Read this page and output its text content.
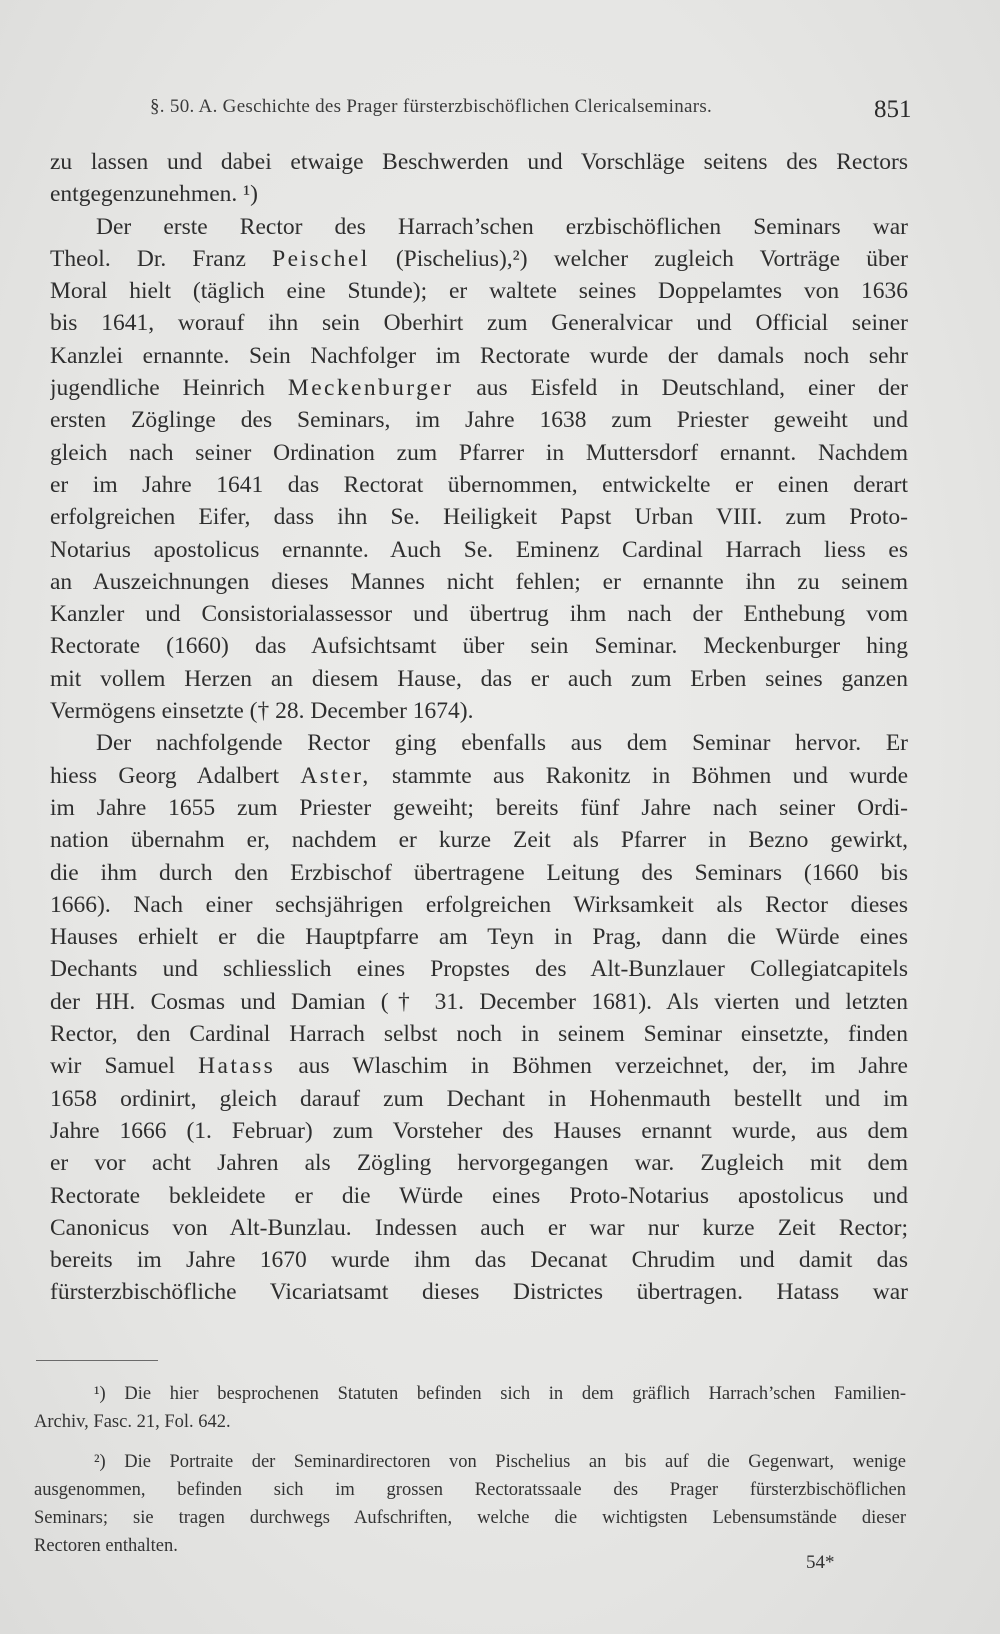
§. 50. A. Geschichte des Prager fürsterzbischöflichen Clericalseminars.	851
zu lassen und dabei etwaige Beschwerden und Vorschläge seitens des Rectors
entgegenzunehmen. ¹)
Der erste Rector des Harrach’schen erzbischöflichen Seminars war
Theol. Dr. Franz Peischel (Pischelius),²) welcher zugleich Vorträge über
Moral hielt (täglich eine Stunde); er waltete seines Doppelamtes von 1636
bis 1641, worauf ihn sein Oberhirt zum Generalvicar und Official seiner
Kanzlei ernannte. Sein Nachfolger im Rectorate wurde der damals noch sehr
jugendliche Heinrich Meckenburger aus Eisfeld in Deutschland, einer der
ersten Zöglinge des Seminars, im Jahre 1638 zum Priester geweiht und
gleich nach seiner Ordination zum Pfarrer in Muttersdorf ernannt. Nachdem
er im Jahre 1641 das Rectorat übernommen, entwickelte er einen derart
erfolgreichen Eifer, dass ihn Se. Heiligkeit Papst Urban VIII. zum Proto-
Notarius apostolicus ernannte. Auch Se. Eminenz Cardinal Harrach liess es
an Auszeichnungen dieses Mannes nicht fehlen; er ernannte ihn zu seinem
Kanzler und Consistorialassessor und übertrug ihm nach der Enthebung vom
Rectorate (1660) das Aufsichtsamt über sein Seminar. Meckenburger hing
mit vollem Herzen an diesem Hause, das er auch zum Erben seines ganzen
Vermögens einsetzte († 28. December 1674).
Der nachfolgende Rector ging ebenfalls aus dem Seminar hervor. Er
hiess Georg Adalbert Aster, stammte aus Rakonitz in Böhmen und wurde
im Jahre 1655 zum Priester geweiht; bereits fünf Jahre nach seiner Ordi-
nation übernahm er, nachdem er kurze Zeit als Pfarrer in Bezno gewirkt,
die ihm durch den Erzbischof übertragene Leitung des Seminars (1660 bis
1666). Nach einer sechsjährigen erfolgreichen Wirksamkeit als Rector dieses
Hauses erhielt er die Hauptpfarre am Teyn in Prag, dann die Würde eines
Dechants und schliesslich eines Propstes des Alt-Bunzlauer Collegiatcapitels
der HH. Cosmas und Damian († 31. December 1681). Als vierten und letzten
Rector, den Cardinal Harrach selbst noch in seinem Seminar einsetzte, finden
wir Samuel Hatass aus Wlaschim in Böhmen verzeichnet, der, im Jahre
1658 ordinirt, gleich darauf zum Dechant in Hohenmauth bestellt und im
Jahre 1666 (1. Februar) zum Vorsteher des Hauses ernannt wurde, aus dem
er vor acht Jahren als Zögling hervorgegangen war. Zugleich mit dem
Rectorate bekleidete er die Würde eines Proto-Notarius apostolicus und
Canonicus von Alt-Bunzlau. Indessen auch er war nur kurze Zeit Rector;
bereits im Jahre 1670 wurde ihm das Decanat Chrudim und damit das
fürsterzbischöfliche Vicariatsamt dieses Districtes übertragen. Hatass war
¹) Die hier besprochenen Statuten befinden sich in dem gräflich Harrach’schen Familien-
Archiv, Fasc. 21, Fol. 642.
²) Die Portraite der Seminardirectoren von Pischelius an bis auf die Gegenwart, wenige
ausgenommen, befinden sich im grossen Rectoratssaale des Prager fürsterzbischöflichen
Seminars; sie tragen durchwegs Aufschriften, welche die wichtigsten Lebensumstände dieser
Rectoren enthalten.
54*
